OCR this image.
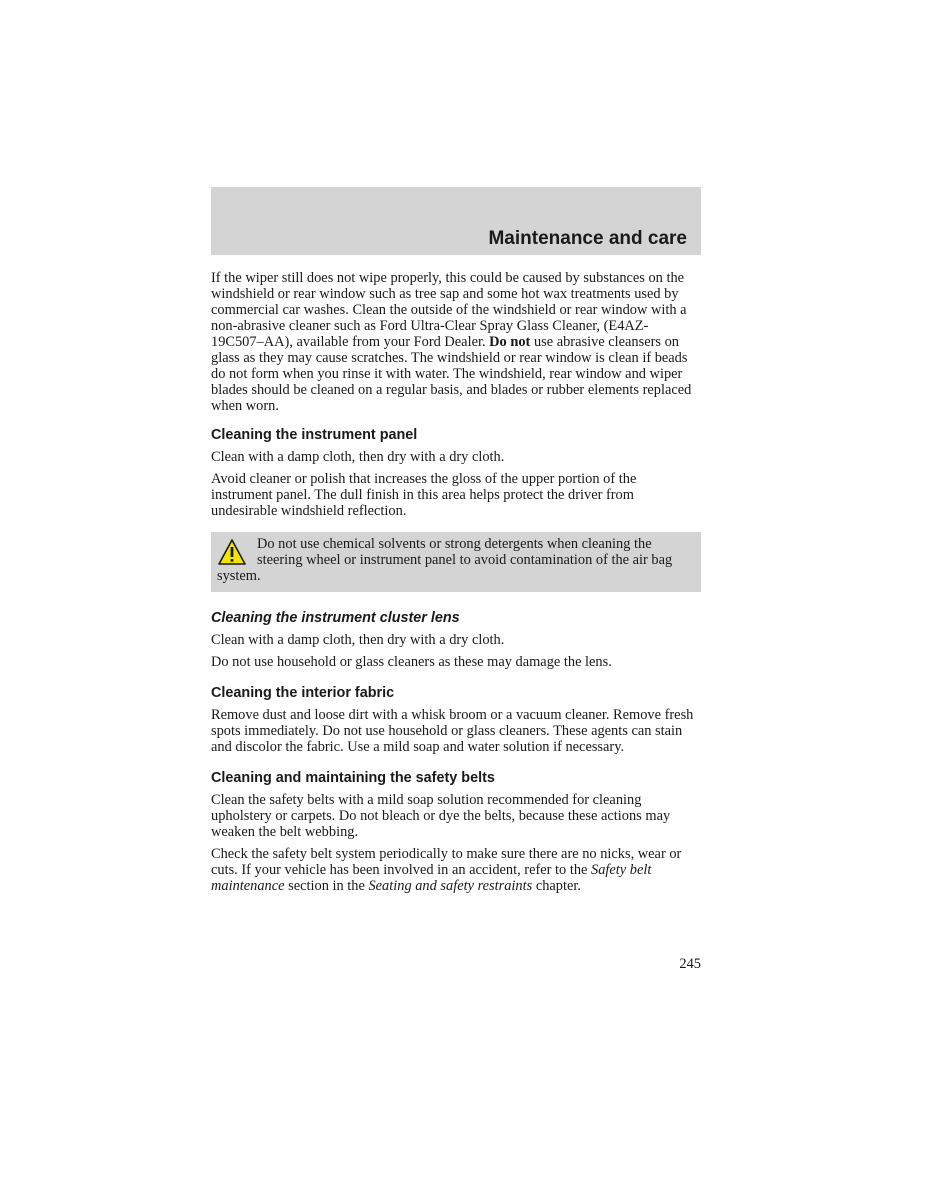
Maintenance and care

If the wiper still does not wipe properly, this could be caused by substances on the windshield or rear window such as tree sap and some hot wax treatments used by commercial car washes. Clean the outside of the windshield or rear window with a non-abrasive cleaner such as Ford Ultra-Clear Spray Glass Cleaner, (E4AZ-19C507–AA), available from your Ford Dealer. Do not use abrasive cleansers on glass as they may cause scratches. The windshield or rear window is clean if beads do not form when you rinse it with water. The windshield, rear window and wiper blades should be cleaned on a regular basis, and blades or rubber elements replaced when worn.

Cleaning the instrument panel

Clean with a damp cloth, then dry with a dry cloth.

Avoid cleaner or polish that increases the gloss of the upper portion of the instrument panel. The dull finish in this area helps protect the driver from undesirable windshield reflection.

Do not use chemical solvents or strong detergents when cleaning the steering wheel or instrument panel to avoid contamination of the air bag system.
Cleaning the instrument cluster lens

Clean with a damp cloth, then dry with a dry cloth.

Do not use household or glass cleaners as these may damage the lens.

Cleaning the interior fabric

Remove dust and loose dirt with a whisk broom or a vacuum cleaner. Remove fresh spots immediately. Do not use household or glass cleaners. These agents can stain and discolor the fabric. Use a mild soap and water solution if necessary.

Cleaning and maintaining the safety belts

Clean the safety belts with a mild soap solution recommended for cleaning upholstery or carpets. Do not bleach or dye the belts, because these actions may weaken the belt webbing.

Check the safety belt system periodically to make sure there are no nicks, wear or cuts. If your vehicle has been involved in an accident, refer to the Safety belt maintenance section in the Seating and safety restraints chapter.

245
